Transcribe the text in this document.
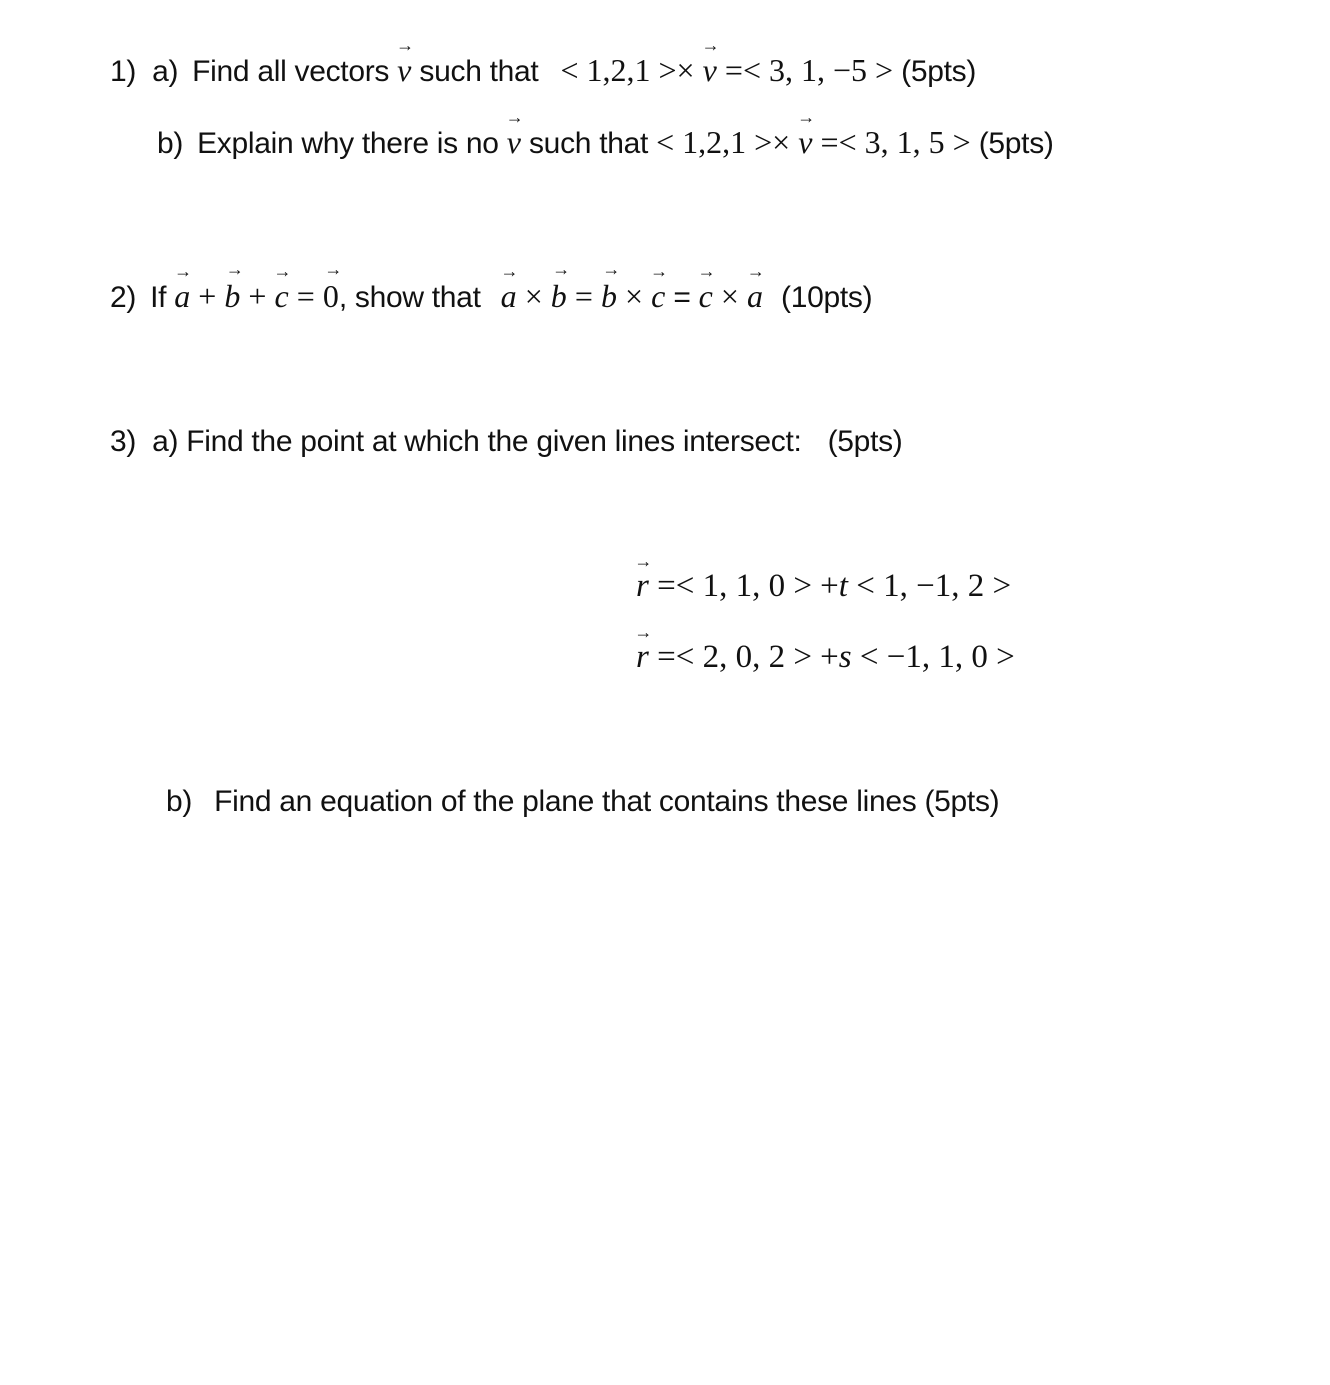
1) a) Find all vectors → v such that < 1,2,1 >× → v =< 3, 1, −5 > (5pts)
b) Explain why there is no → v such that < 1,2,1 >× → v =< 3, 1, 5 > (5pts)
2) If → a + → b + → c = → 0, show that → a × → b = → b × → c = → c × → a (10pts)
3) a) Find the point at which the given lines intersect: (5pts)
→ r =< 1, 1, 0 > +t < 1, −1, 2 >
→ r =< 2, 0, 2 > +s < −1, 1, 0 >
b) Find an equation of the plane that contains these lines (5pts)
